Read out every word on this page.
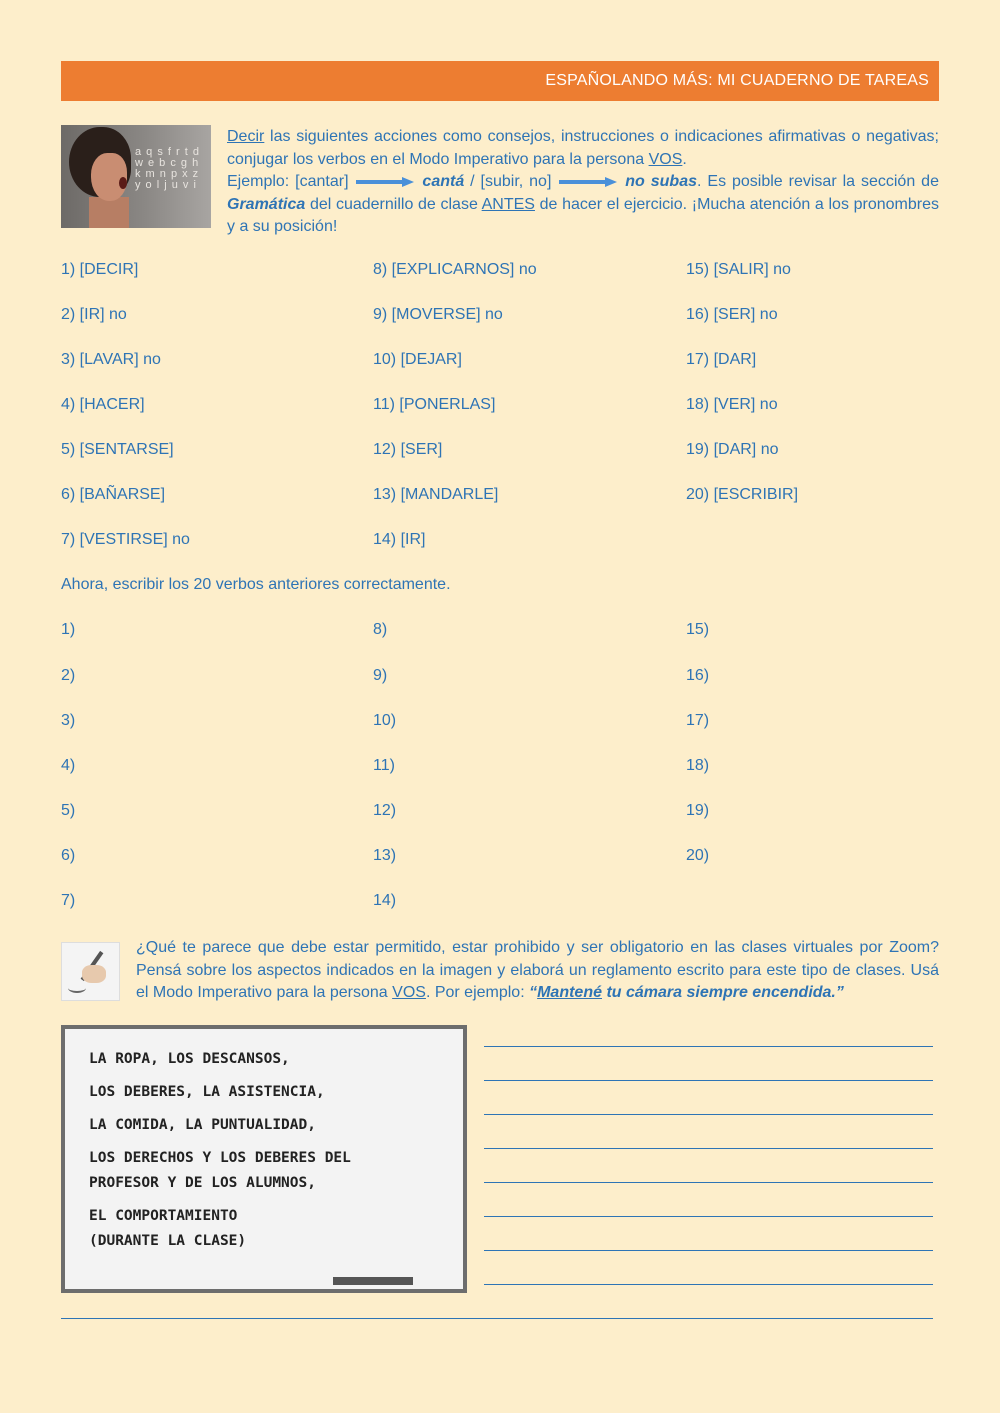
ESPAÑOLANDO MÁS: MI CUADERNO DE TAREAS
a q s f r t d w e b c g h k m n p x z y o l j u v i
Decir las siguientes acciones como consejos, instrucciones o indicaciones afirmativas o negativas; conjugar los verbos en el Modo Imperativo para la persona VOS.
Ejemplo: [cantar]	cantá / [subir, no]	no subas. Es posible revisar la sección de Gramática del cuadernillo de clase ANTES de hacer el ejercicio. ¡Mucha atención a los pronombres y a su posición!
1) [DECIR]
2) [IR] no
3) [LAVAR] no
4) [HACER]
5) [SENTARSE]
6) [BAÑARSE]
7) [VESTIRSE] no
8) [EXPLICARNOS] no
9) [MOVERSE] no
10) [DEJAR]
11) [PONERLAS]
12) [SER]
13) [MANDARLE]
14) [IR]
15) [SALIR] no
16) [SER] no
17) [DAR]
18) [VER] no
19) [DAR] no
20) [ESCRIBIR]
Ahora, escribir los 20 verbos anteriores correctamente.
1)
2)
3)
4)
5)
6)
7)
8)
9)
10)
11)
12)
13)
14)
15)
16)
17)
18)
19)
20)
¿Qué te parece que debe estar permitido, estar prohibido y ser obligatorio en las clases virtuales por Zoom? Pensá sobre los aspectos indicados en la imagen y elaborá un reglamento escrito para este tipo de clases. Usá el Modo Imperativo para la persona VOS. Por ejemplo: “Mantené tu cámara siempre encendida.”
LA ROPA, LOS DESCANSOS,
LOS DEBERES, LA ASISTENCIA,
LA COMIDA, LA PUNTUALIDAD,
LOS DERECHOS Y LOS DEBERES DEL
PROFESOR Y DE LOS ALUMNOS,
EL COMPORTAMIENTO
(DURANTE LA CLASE)
